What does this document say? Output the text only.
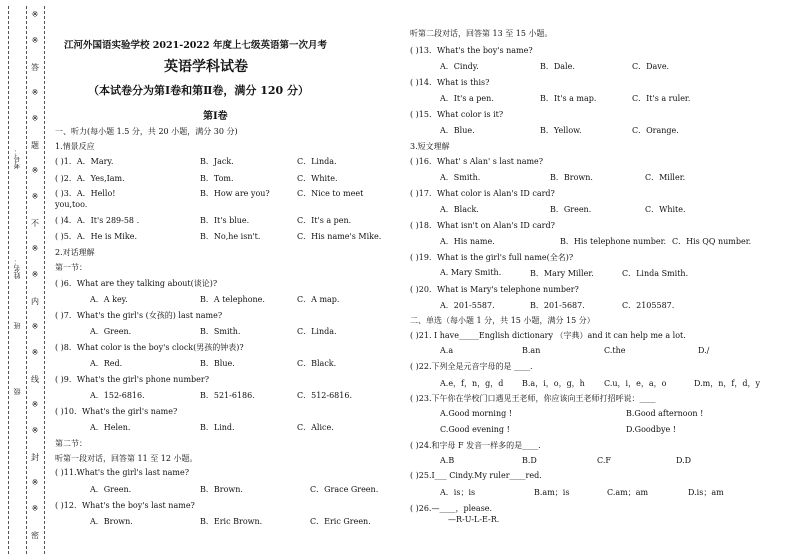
考号：
姓名：
班
级
※
※
答
※
※
题
※
※
不
※
※
内
※
※
线
※
※
封
※
※
密
江河外国语实验学校 2021-2022 年度上七级英语第一次月考
英语学科试卷
（本试卷分为第Ⅰ卷和第Ⅱ卷，满分 120 分）
第Ⅰ卷
一、听力(每小题 1.5 分，共 20 小题，满分 30 分)
1.情景反应
( )1．A．Mary.	B．Jack.	C．Linda.
( )2．A．Yes,Iam.	B．Tom.	C．White.
( )3．A．Hello!	B．How are you?	C．Nice to meet
you,too.
( )4．A．It's 289-58 .	B．It's blue.	C．It's a pen.
( )5．A．He is Mike.	B．No,he isn't.	C．His name's Mike.
2.对话理解
第一节：
( )6．What are they talking about(谈论)?
A．A key.	B．A telephone.	C．A map.
( )7．What's the girl's (女孩的) last name?
A．Green.	B．Smith.	C．Linda.
( )8．What color is the boy's clock(男孩的钟表)?
A．Red.	B．Blue.	C．Black.
( )9．What's the girl's phone number?
A．152-6816.	B．521-6186.	C．512-6816.
( )10．What's the girl's name?
A．Helen.	B．Lind.	C．Alice.
第二节：
听第一段对话，回答第 11 至 12 小题。
( )11.What's the girl's last name?
A．Green.	B．Brown.	C．Grace Green.
( )12．What's the boy's last name?
A．Brown.	B．Eric Brown.	C．Eric Green.
听第二段对话，回答第 13 至 15 小题。
( )13．What's the boy's name?
A．Cindy.	B．Dale.	C．Dave.
( )14．What is this?
A．It's a pen.	B．It's a map.	C．It's a ruler.
( )15．What color is it?
A．Blue.	B．Yellow.	C．Orange.
3.短文理解
( )16．What' s Alan' s last name?
A．Smith.	B．Brown.	C．Miller.
( )17．What color is Alan's ID card?
A．Black.	B．Green.	C．White.
( )18．What isn't on Alan's ID card?
A．His name.	B．His telephone number. C．His QQ number.
( )19．What is the girl's full name(全名)?
A. Mary Smith.	B．Mary Miller.	C．Linda Smith.
( )20．What is Mary's telephone number?
A．201-5587.	B．201-5687.	C．2105587.
二、单选（每小题 1 分，共 15 小题，满分 15 分）
( )21. I have_____English dictionary （字典）and it can help me a lot.
A.a	B.an	C.the	D./
( )22.下列全是元音字母的是 ____.
A.e，f，n，g，d B.a，i，o，g，h C.u，i，e，a，o	D.m，n，f，d，y
( )23.下午你在学校门口遇见王老师，你应该向王老师打招呼说：____
A.Good morning !	B.Good afternoon !
C.Good evening !	D.Goodbye !
( )24.和字母 F 发音一样多的是____.
A.B	B.D	C.F	D.D
( )25.I___ Cindy.My ruler____red.
A．is；is	B.am；is	C.am；am	D.is；am
( )26.—____，please.
—R-U-L-E-R.
